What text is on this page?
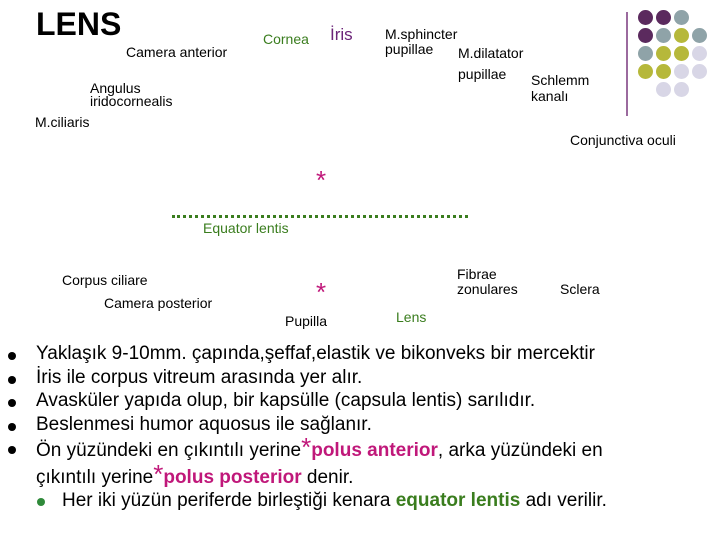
LENS
Camera anterior
Cornea İris M.sphincter
pupillae M.dilatator
pupillae Schlemm
kanalı
Angulus
iridocornealis
M.ciliaris
Conjunctiva oculi
*
Equator lentis
Corpus ciliare
Camera posterior	*
Fibrae
zonulares	Sclera
Pupilla	Lens
Yaklaşık 9-10mm. çapında,şeffaf,elastik ve bikonveks bir mercektir
İris ile corpus vitreum arasında yer alır.
Avasküler yapıda olup, bir kapsülle (capsula lentis) sarılıdır.
Beslenmesi humor aquosus ile sağlanır.
Ön yüzündeki en çıkıntılı yerine*polus anterior, arka yüzündeki en
çıkıntılı yerine*polus posterior denir.
Her iki yüzün periferde birleştiği kenara equator lentis adı verilir.
